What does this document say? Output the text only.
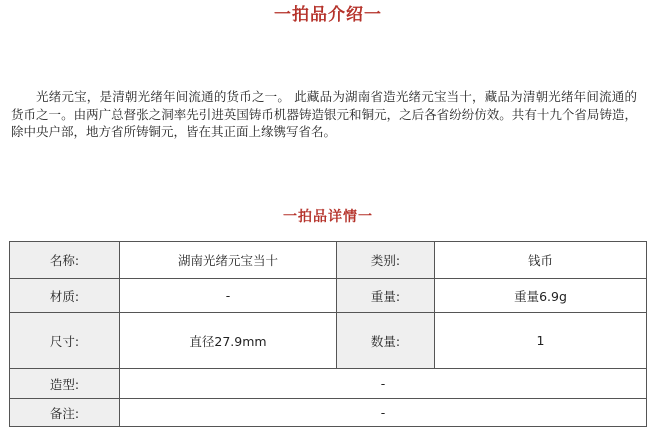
一拍品介绍一

光绪元宝，是清朝光绪年间流通的货币之一。 此藏品为湖南省造光绪元宝当十，藏品为清朝光绪年间流通的货币之一。由两广总督张之洞率先引进英国铸币机器铸造银元和铜元，之后各省纷纷仿效。共有十九个省局铸造，除中央户部，地方省所铸铜元，皆在其正面上缘镌写省名。

一拍品详情一
名称:	湖南光绪元宝当十	类别:	钱币
材质:	-	重量:	重量6.9g
尺寸:	直径27.9mm	数量:	1
造型:	-		
备注:	-		
